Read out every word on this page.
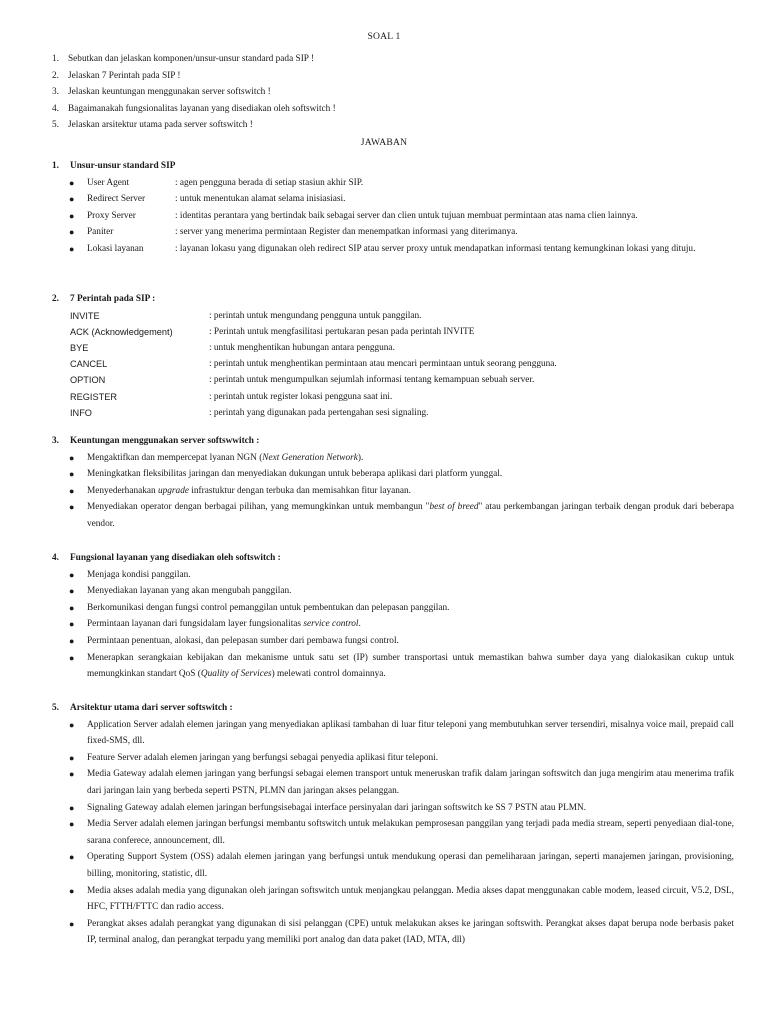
SOAL 1
1. Sebutkan dan jelaskan komponen/unsur-unsur standard pada SIP !
2. Jelaskan 7 Perintah pada SIP !
3. Jelaskan keuntungan menggunakan server softswitch !
4. Bagaimanakah fungsionalitas layanan yang disediakan oleh softswitch !
5. Jelaskan arsitektur utama pada server softswitch !
JAWABAN
1. Unsur-unsur standard SIP
● User Agent	: agen pengguna berada di setiap stasiun akhir SIP.
● Redirect Server	: untuk menentukan alamat selama inisiasiasi.
● Proxy Server	: identitas perantara yang bertindak baik sebagai server dan clien untuk tujuan membuat permintaan atas nama clien lainnya.
● Paniter	: server yang menerima permintaan Register dan menempatkan informasi yang diterimanya.
● Lokasi layanan	: layanan lokasu yang digunakan oleh redirect SIP atau server proxy untuk mendapatkan informasi tentang kemungkinan lokasi yang dituju.
2. 7 Perintah pada SIP :
INVITE	: perintah untuk mengundang pengguna untuk panggilan.
ACK (Acknowledgement)	: Perintah untuk mengfasilitasi pertukaran pesan pada perintah INVITE
BYE	: untuk menghentikan hubungan antara pengguna.
CANCEL	: perintah untuk menghentikan permintaan atau mencari permintaan untuk seorang pengguna.
OPTION	: perintah untuk mengumpulkan sejumlah informasi tentang kemampuan sebuah server.
REGISTER	: perintah untuk register lokasi pengguna saat ini.
INFO	: perintah yang digunakan pada pertengahan sesi signaling.
3. Keuntungan menggunakan server softswwitch :
● Mengaktifkan dan mempercepat lyanan NGN (Next Generation Network).
● Meningkatkan fleksibilitas jaringan dan menyediakan dukungan untuk beberapa aplikasi dari platform yunggal.
● Menyederhanakan upgrade infrastuktur dengan terbuka dan memisahkan fitur layanan.
● Menyediakan operator dengan berbagai pilihan, yang memungkinkan untuk membangun "best of breed" atau perkembangan jaringan terbaik dengan produk dari beberapa vendor.
4. Fungsional layanan yang disediakan oleh softswitch :
● Menjaga kondisi panggilan.
● Menyediakan layanan yang akan mengubah panggilan.
● Berkomunikasi dengan fungsi control pemanggilan untuk pembentukan dan pelepasan panggilan.
● Permintaan layanan dari fungsidalam layer fungsionalitas service control.
● Permintaan penentuan, alokasi, dan pelepasan sumber dari pembawa fungsi control.
● Menerapkan serangkaian kebijakan dan mekanisme untuk satu set (IP) sumber transportasi untuk memastikan bahwa sumber daya yang dialokasikan cukup untuk memungkinkan standart QoS (Quality of Services) melewati control domainnya.
5. Arsitektur utama dari server softswitch :
● Application Server adalah elemen jaringan yang menyediakan aplikasi tambahan di luar fitur teleponi yang membutuhkan server tersendiri, misalnya voice mail, prepaid call fixed-SMS, dll.
● Feature Server adalah elemen jaringan yang berfungsi sebagai penyedia aplikasi fitur teleponi.
● Media Gateway adalah elemen jaringan yang berfungsi sebagai elemen transport untuk meneruskan trafik dalam jaringan softswitch dan juga mengirim atau menerima trafik dari jaringan lain yang berbeda seperti PSTN, PLMN dan jaringan akses pelanggan.
● Signaling Gateway adalah elemen jaringan berfungsisebagai interface persinyalan dari jaringan softswitch ke SS 7 PSTN atau PLMN.
● Media Server adalah elemen jaringan berfungsi membantu softswitch untuk melakukan pemprosesan panggilan yang terjadi pada media stream, seperti penyediaan dial-tone, sarana conferece, announcement, dll.
● Operating Support System (OSS) adalah elemen jaringan yang berfungsi untuk mendukung operasi dan pemeliharaan jaringan, seperti manajemen jaringan, provisioning, billing, monitoring, statistic, dll.
● Media akses adalah media yang digunakan oleh jaringan softswitch untuk menjangkau pelanggan. Media akses dapat menggunakan cable modem, leased circuit, V5.2, DSL, HFC, FTTH/FTTC dan radio access.
● Perangkat akses adalah perangkat yang digunakan di sisi pelanggan (CPE) untuk melakukan akses ke jaringan softswith. Perangkat akses dapat berupa node berbasis paket IP, terminal analog, dan perangkat terpadu yang memiliki port analog dan data paket (IAD, MTA, dll)
